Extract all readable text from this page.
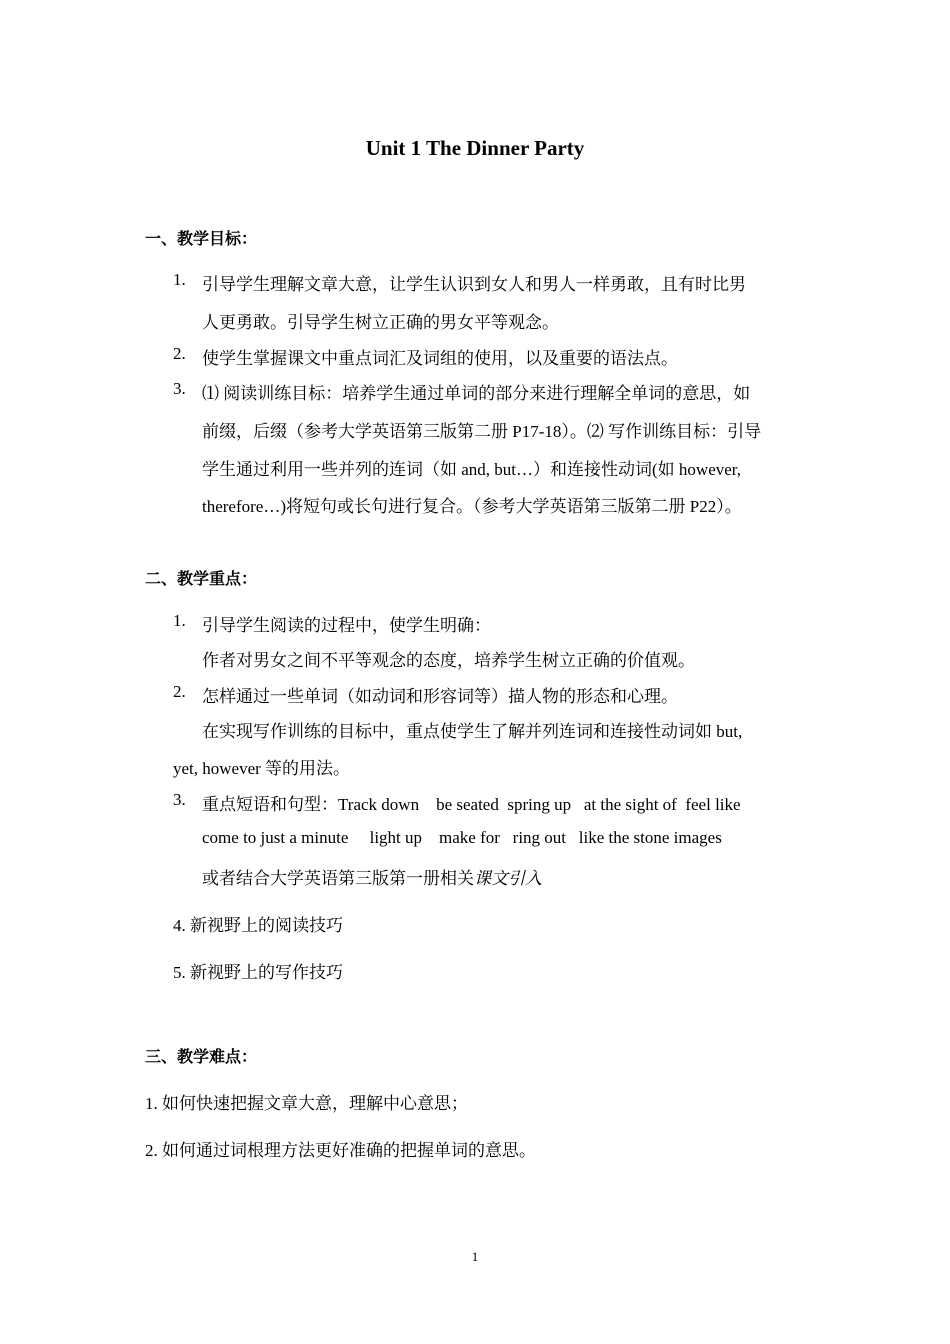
Unit 1 The Dinner Party
一、教学目标：
1. 引导学生理解文章大意，让学生认识到女人和男人一样勇敢，且有时比男
人更勇敢。引导学生树立正确的男女平等观念。
2. 使学生掌握课文中重点词汇及词组的使用，以及重要的语法点。
3. ⑴ 阅读训练目标：培养学生通过单词的部分来进行理解全单词的意思，如
前缀，后缀（参考大学英语第三版第二册 P17-18）。⑵ 写作训练目标：引导
学生通过利用一些并列的连词（如 and, but…）和连接性动词(如 however,
therefore…)将短句或长句进行复合。（参考大学英语第三版第二册 P22）。
二、教学重点：
1. 引导学生阅读的过程中，使学生明确：
作者对男女之间不平等观念的态度，培养学生树立正确的价值观。
2. 怎样通过一些单词（如动词和形容词等）描人物的形态和心理。
在实现写作训练的目标中，重点使学生了解并列连词和连接性动词如 but,
yet, however 等的用法。
3. 重点短语和句型：Track down    be seated  spring up   at the sight of  feel like
come to just a minute     light up    make for   ring out   like the stone images
或者结合大学英语第三版第一册相关课文引入
4. 新视野上的阅读技巧
5. 新视野上的写作技巧
三、教学难点：
1. 如何快速把握文章大意，理解中心意思；
2. 如何通过词根理方法更好准确的把握单词的意思。
1
